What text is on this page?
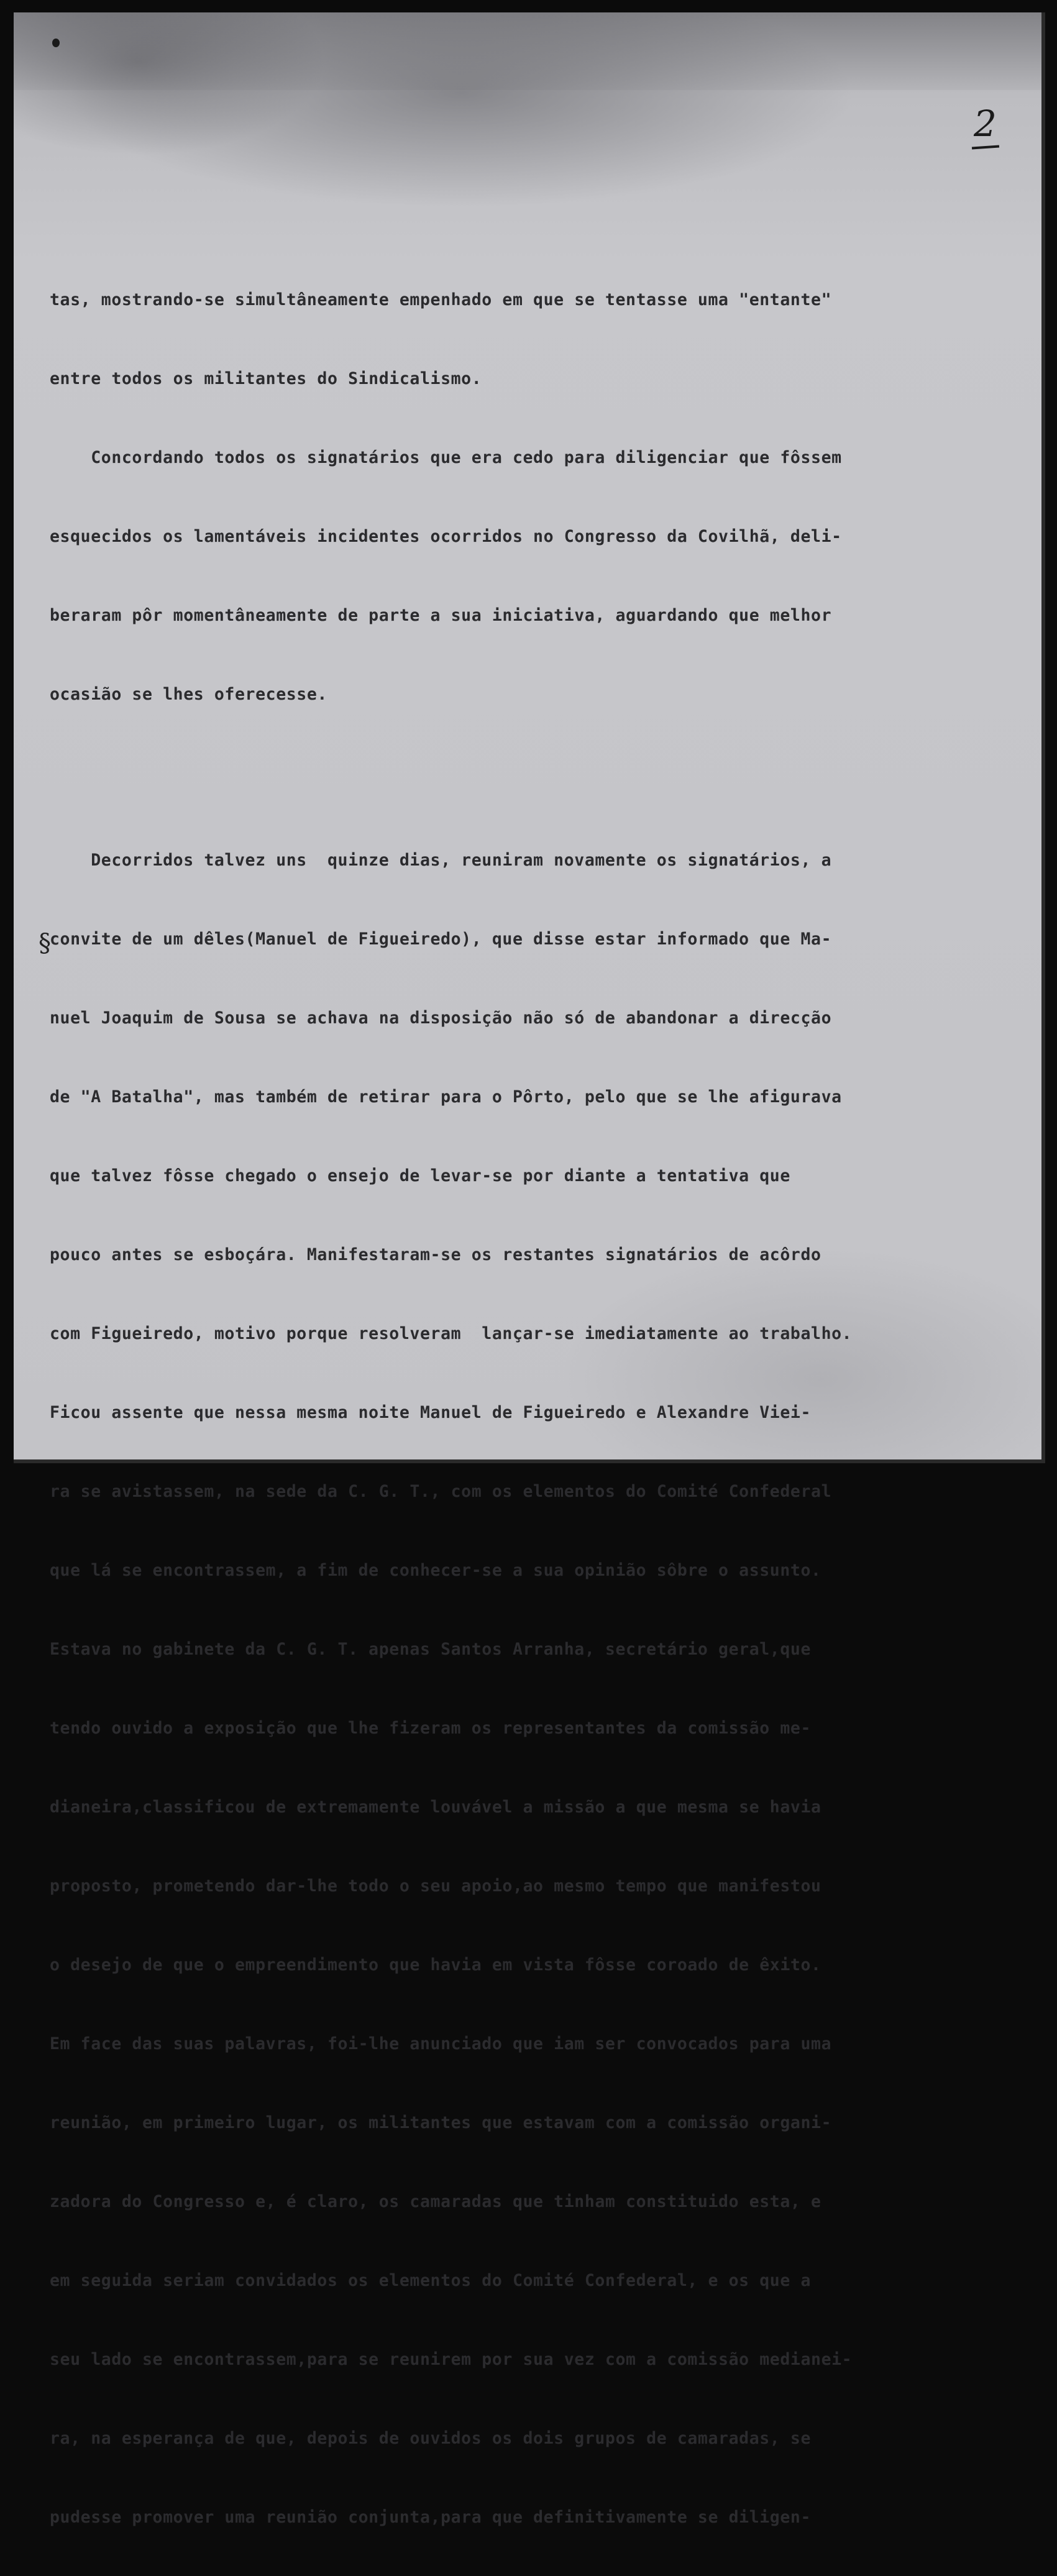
2
§

tas, mostrando-se simultâneamente empenhado em que se tentasse uma "entante"

entre todos os militantes do Sindicalismo.

Concordando todos os signatários que era cedo para diligenciar que fôssem

esquecidos os lamentáveis incidentes ocorridos no Congresso da Covilhã, deli-

beraram pôr momentâneamente de parte a sua iniciativa, aguardando que melhor

ocasião se lhes oferecesse.

Decorridos talvez uns  quinze dias, reuniram novamente os signatários, a

convite de um dêles(Manuel de Figueiredo), que disse estar informado que Ma-

nuel Joaquim de Sousa se achava na disposição não só de abandonar a direcção

de "A Batalha", mas também de retirar para o Pôrto, pelo que se lhe afigurava

que talvez fôsse chegado o ensejo de levar-se por diante a tentativa que

pouco antes se esboçára. Manifestaram-se os restantes signatários de acôrdo

com Figueiredo, motivo porque resolveram  lançar-se imediatamente ao trabalho.

Ficou assente que nessa mesma noite Manuel de Figueiredo e Alexandre Viei-

ra se avistassem, na sede da C. G. T., com os elementos do Comité Confederal

que lá se encontrassem, a fim de conhecer-se a sua opinião sôbre o assunto.

Estava no gabinete da C. G. T. apenas Santos Arranha, secretário geral,que

tendo ouvido a exposição que lhe fizeram os representantes da comissão me-

dianeira,classificou de extremamente louvável a missão a que mesma se havia

proposto, prometendo dar-lhe todo o seu apoio,ao mesmo tempo que manifestou

o desejo de que o empreendimento que havia em vista fôsse coroado de êxito.

Em face das suas palavras, foi-lhe anunciado que iam ser convocados para uma

reunião, em primeiro lugar, os militantes que estavam com a comissão organi-

zadora do Congresso e, é claro, os camaradas que tinham constituido esta, e

em seguida seriam convidados os elementos do Comité Confederal, e os que a

seu lado se encontrassem,para se reunirem por sua vez com a comissão medianei-

ra, na esperança de que, depois de ouvidos os dois grupos de camaradas, se

pudesse promover uma reunião conjunta,para que definitivamente se diligen-
